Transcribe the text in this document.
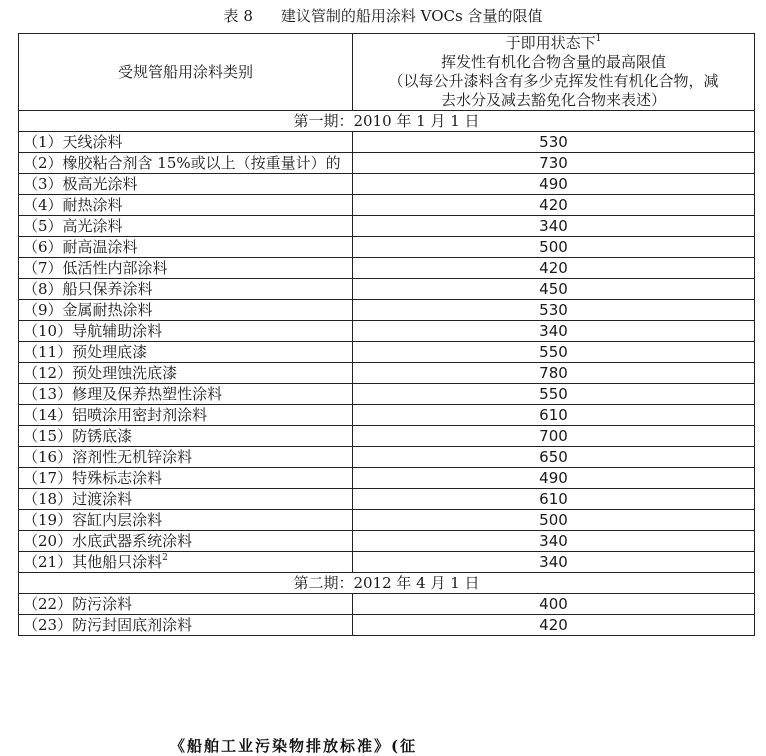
表 8 建议管制的船用涂料 VOCs 含量的限值
受规管船用涂料类别	于即用状态下$^1$
挥发性有机化合物含量的最高限值
（以每公升漆料含有多少克挥发性有机化合物，减
去水分及减去豁免化合物来表述）

第一期：2010 年 1 月 1 日	
（1）天线涂料	530
（2）橡胶粘合剂含 15%或以上（按重量计）的	730
（3）极高光涂料	490
（4）耐热涂料	420
（5）高光涂料	340
（6）耐高温涂料	500
（7）低活性内部涂料	420
（8）船只保养涂料	450
（9）金属耐热涂料	530
（10）导航辅助涂料	340
（11）预处理底漆	550
（12）预处理蚀洗底漆	780
（13）修理及保养热塑性涂料	550
（14）铝喷涂用密封剂涂料	610
（15）防锈底漆	700
（16）溶剂性无机锌涂料	650
（17）特殊标志涂料	490
（18）过渡涂料	610
（19）容缸内层涂料	500
（20）水底武器系统涂料	340
（21）其他船只涂料$^2$	340
第二期：2012 年 4 月 1 日	
（22）防污涂料	400
（23）防污封固底剂涂料	420
《船舶工业污染物排放标准》(征
